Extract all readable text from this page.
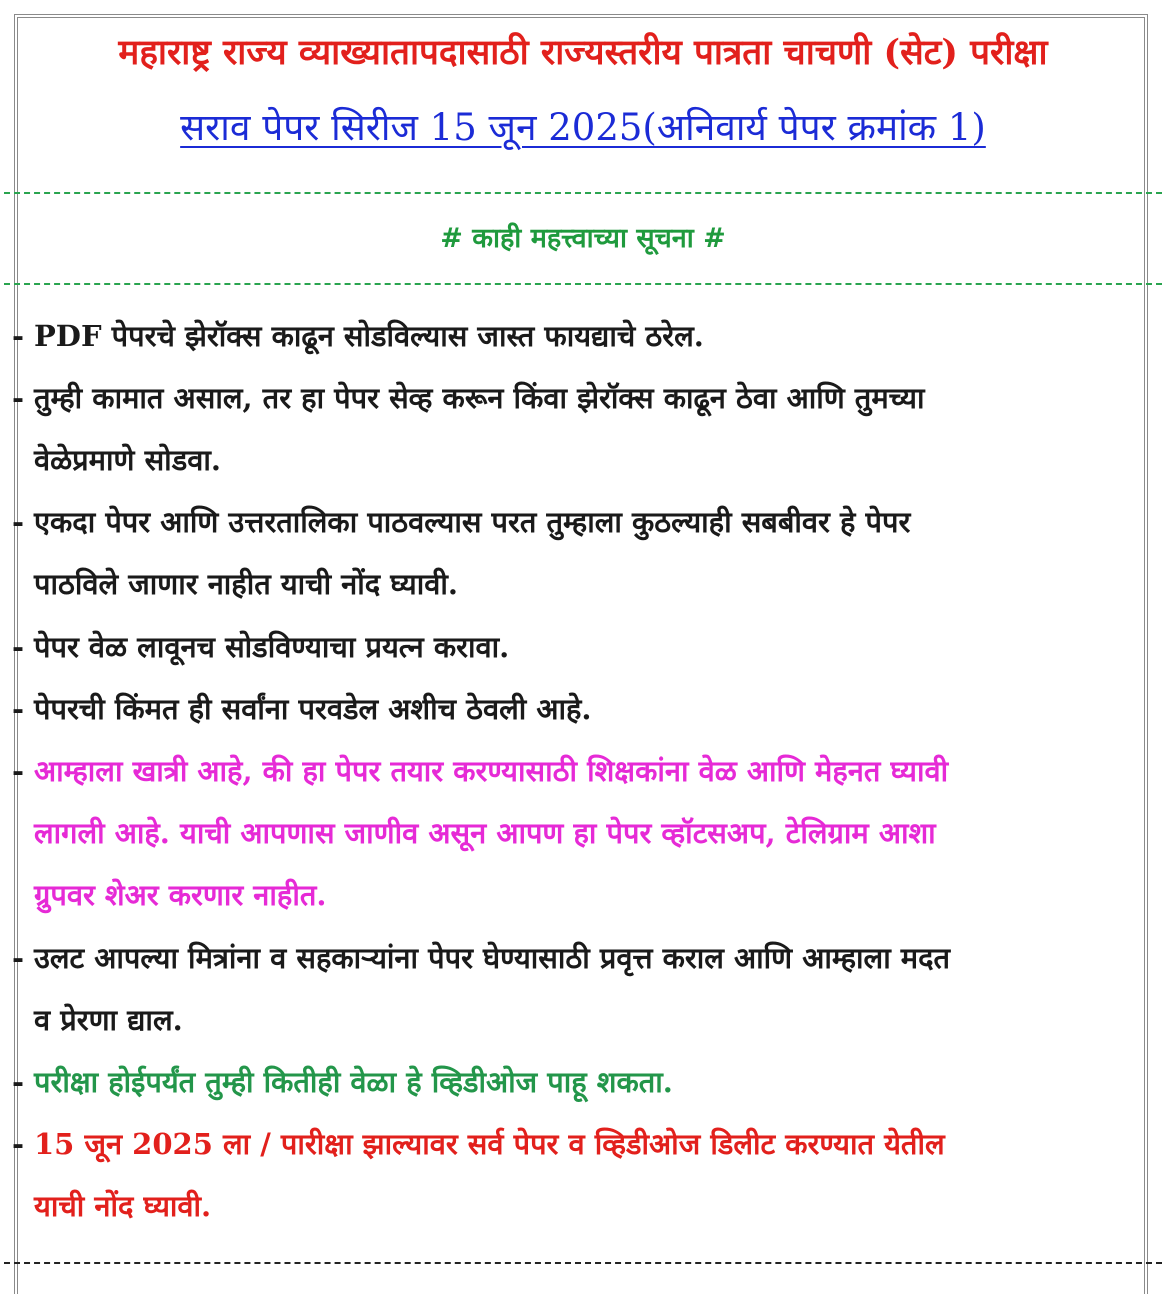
महाराष्ट्र राज्य व्याख्यातापदासाठी राज्यस्तरीय पात्रता चाचणी (सेट) परीक्षा
सराव पेपर सिरीज 15 जून 2025(अनिवार्य पेपर क्रमांक 1)
# काही महत्त्वाच्या सूचना #
- PDF पेपरचे झेरॉक्स काढून सोडविल्यास जास्त फायद्याचे ठरेल.
- तुम्ही कामात असाल, तर हा पेपर सेव्ह करून किंवा झेरॉक्स काढून ठेवा आणि तुमच्या
वेळेप्रमाणे सोडवा.
- एकदा पेपर आणि उत्तरतालिका पाठवल्यास परत तुम्हाला कुठल्याही सबबीवर हे पेपर
पाठविले जाणार नाहीत याची नोंद घ्यावी.
- पेपर वेळ लावूनच सोडविण्याचा प्रयत्न करावा.
- पेपरची किंमत ही सर्वांना परवडेल अशीच ठेवली आहे.
- आम्हाला खात्री आहे, की हा पेपर तयार करण्यासाठी शिक्षकांना वेळ आणि मेहनत घ्यावी
लागली आहे. याची आपणास जाणीव असून आपण हा पेपर व्हॉटसअप, टेलिग्राम आशा
ग्रुपवर शेअर करणार नाहीत.
- उलट आपल्या मित्रांना व सहकाऱ्यांना पेपर घेण्यासाठी प्रवृत्त कराल आणि आम्हाला मदत
व प्रेरणा द्याल.
- परीक्षा होईपर्यंत तुम्ही कितीही वेळा हे व्हिडीओज पाहू शकता.
- 15 जून 2025 ला / पारीक्षा झाल्यावर सर्व पेपर व व्हिडीओज डिलीट करण्यात येतील
याची नोंद घ्यावी.
